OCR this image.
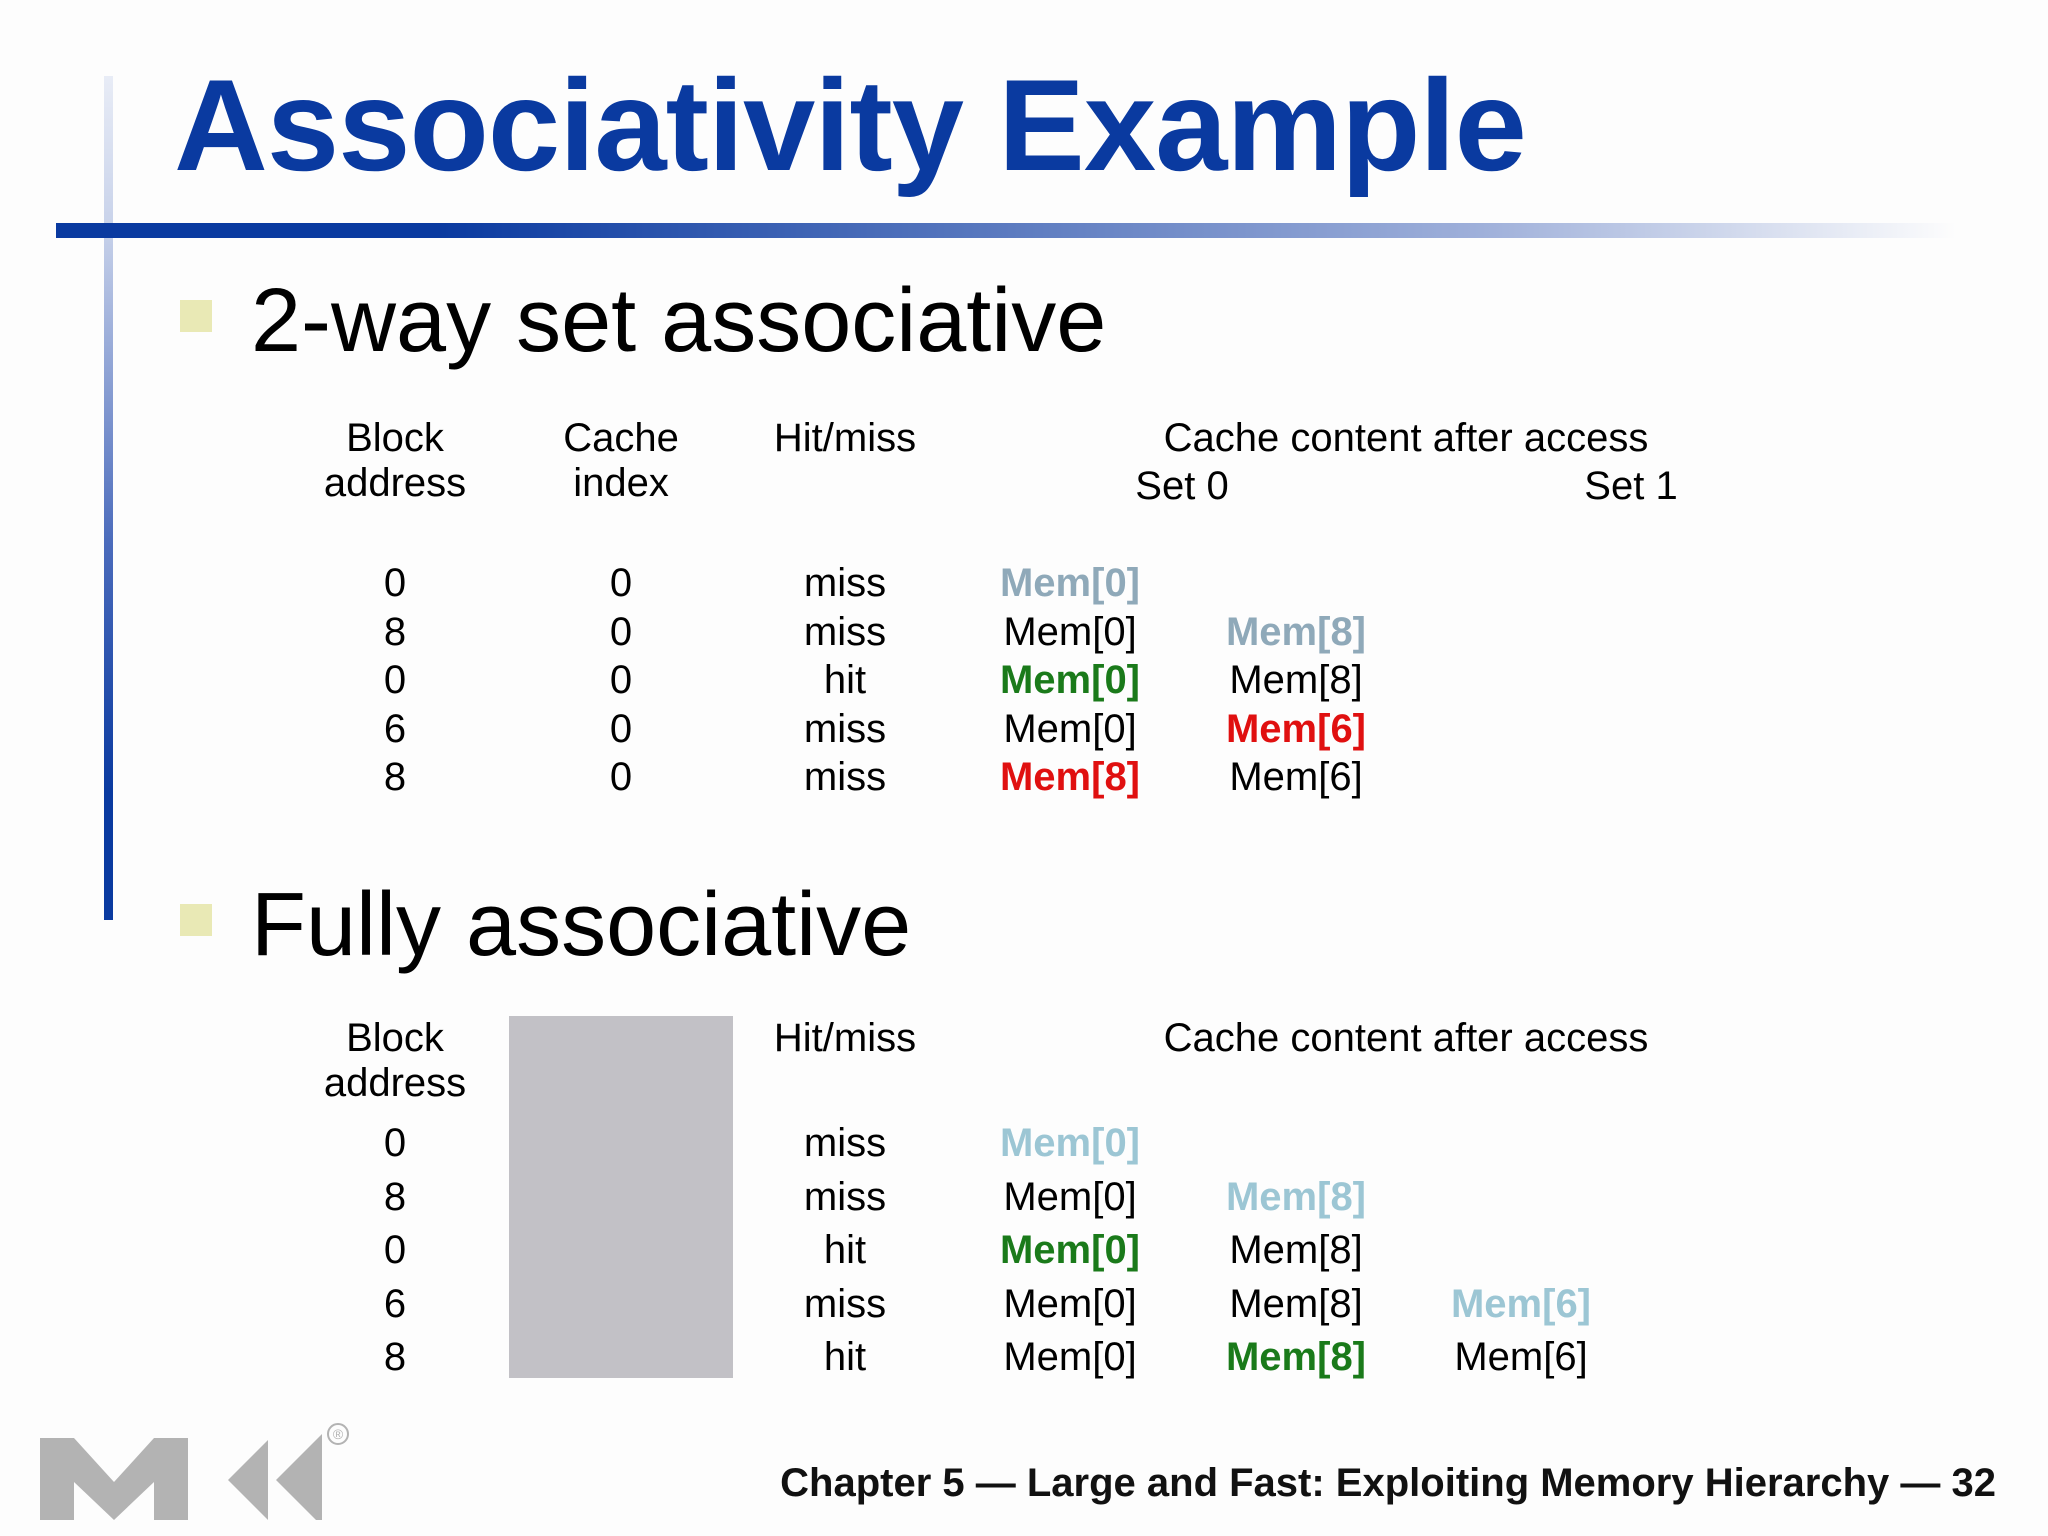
Associativity Example
2-way set associative
Block
address
Cache
index
Hit/miss	Cache content after access
Set 0	Set 1
0	0	miss	Mem[0]
8	0	miss	Mem[0] Mem[8]
0	0	hit	Mem[0] Mem[8]
6	0	miss	Mem[0] Mem[6]
8	0	miss	Mem[8] Mem[6]
Fully associative
Block
address
Hit/miss	Cache content after access
0	miss	Mem[0]
8	miss	Mem[0] Mem[8]
0	hit	Mem[0] Mem[8]
6	miss	Mem[0] Mem[8] Mem[6]
8	hit	Mem[0] Mem[8] Mem[6]
®
Chapter 5 — Large and Fast: Exploiting Memory Hierarchy — 32
